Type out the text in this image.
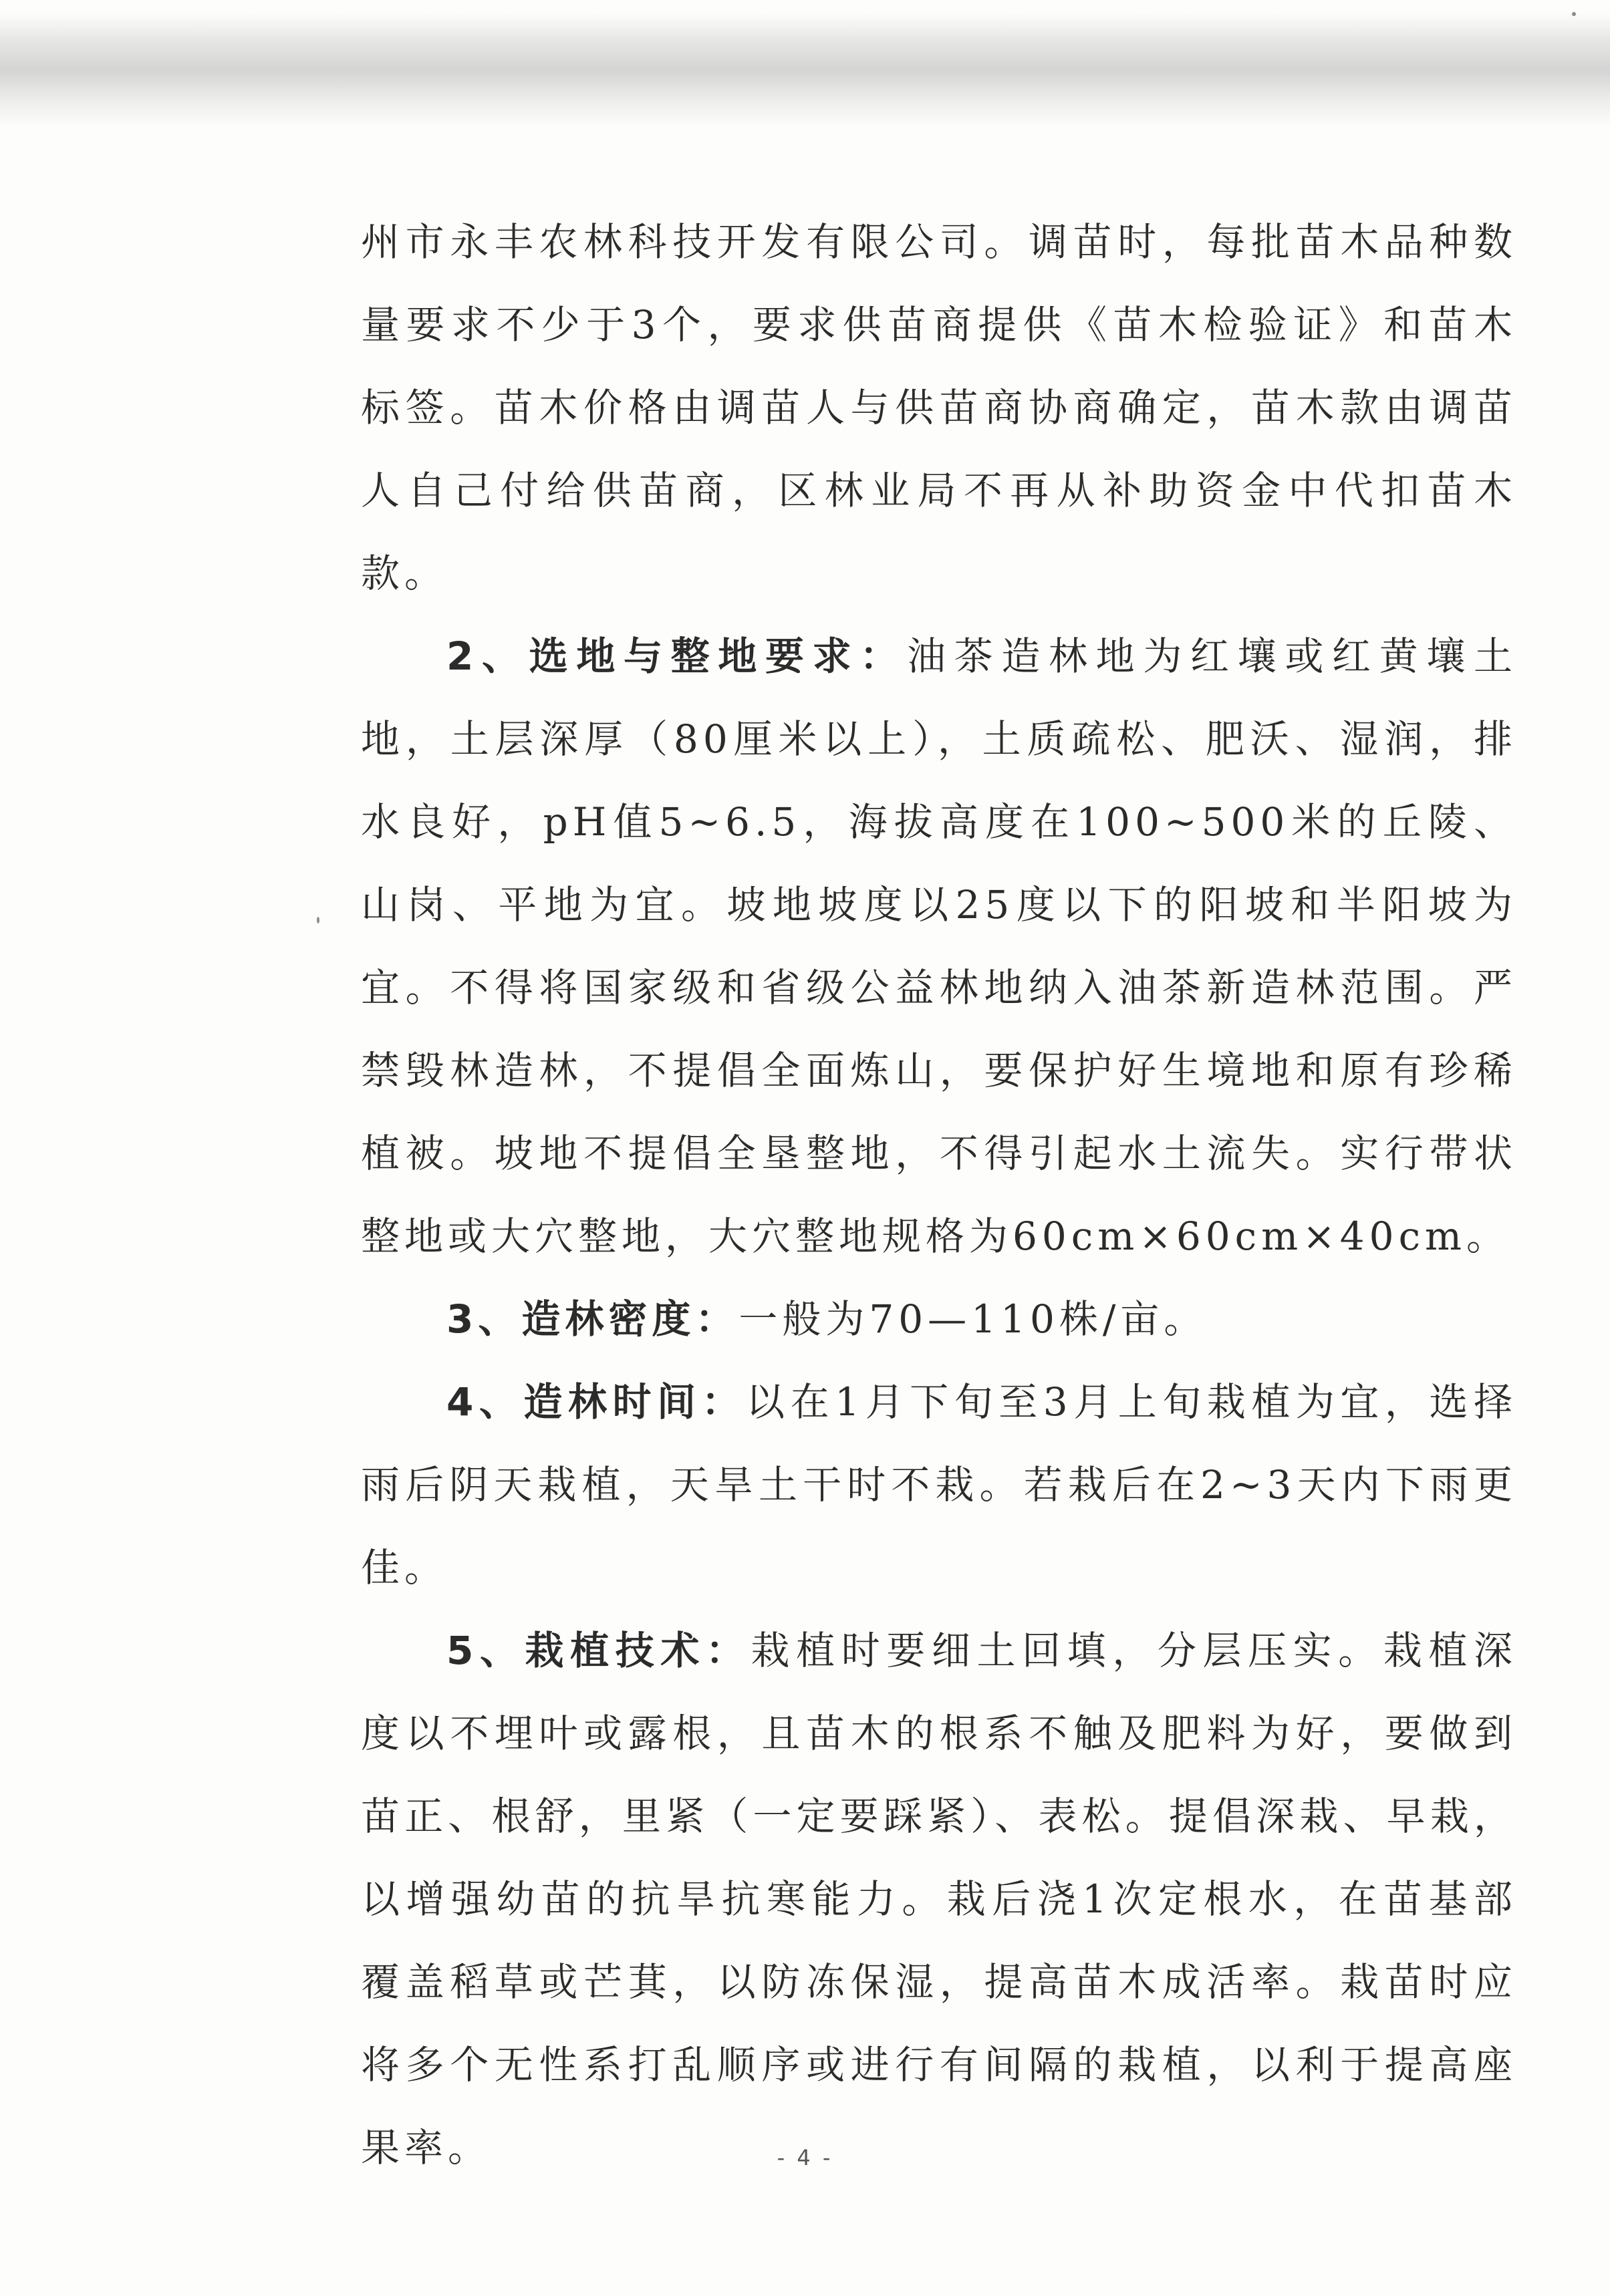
州市永丰农林科技开发有限公司。调苗时，每批苗木品种数量要求不少于3个，要求供苗商提供《苗木检验证》和苗木标签。苗木价格由调苗人与供苗商协商确定，苗木款由调苗人自己付给供苗商，区林业局不再从补助资金中代扣苗木款。

2、选地与整地要求：油茶造林地为红壤或红黄壤土地，土层深厚（80厘米以上），土质疏松、肥沃、湿润，排水良好，pH值5~6.5，海拔高度在100~500米的丘陵、山岗、平地为宜。坡地坡度以25度以下的阳坡和半阳坡为宜。不得将国家级和省级公益林地纳入油茶新造林范围。严禁毁林造林，不提倡全面炼山，要保护好生境地和原有珍稀植被。坡地不提倡全垦整地，不得引起水土流失。实行带状整地或大穴整地，大穴整地规格为60cm×60cm×40cm。

3、造林密度：一般为70—110株/亩。

4、造林时间：以在1月下旬至3月上旬栽植为宜，选择雨后阴天栽植，天旱土干时不栽。若栽后在2~3天内下雨更佳。

5、栽植技术：栽植时要细土回填，分层压实。栽植深度以不埋叶或露根，且苗木的根系不触及肥料为好，要做到苗正、根舒，里紧（一定要踩紧）、表松。提倡深栽、早栽，以增强幼苗的抗旱抗寒能力。栽后浇1次定根水，在苗基部覆盖稻草或芒萁，以防冻保湿，提高苗木成活率。栽苗时应将多个无性系打乱顺序或进行有间隔的栽植，以利于提高座果率。	- 4 -
